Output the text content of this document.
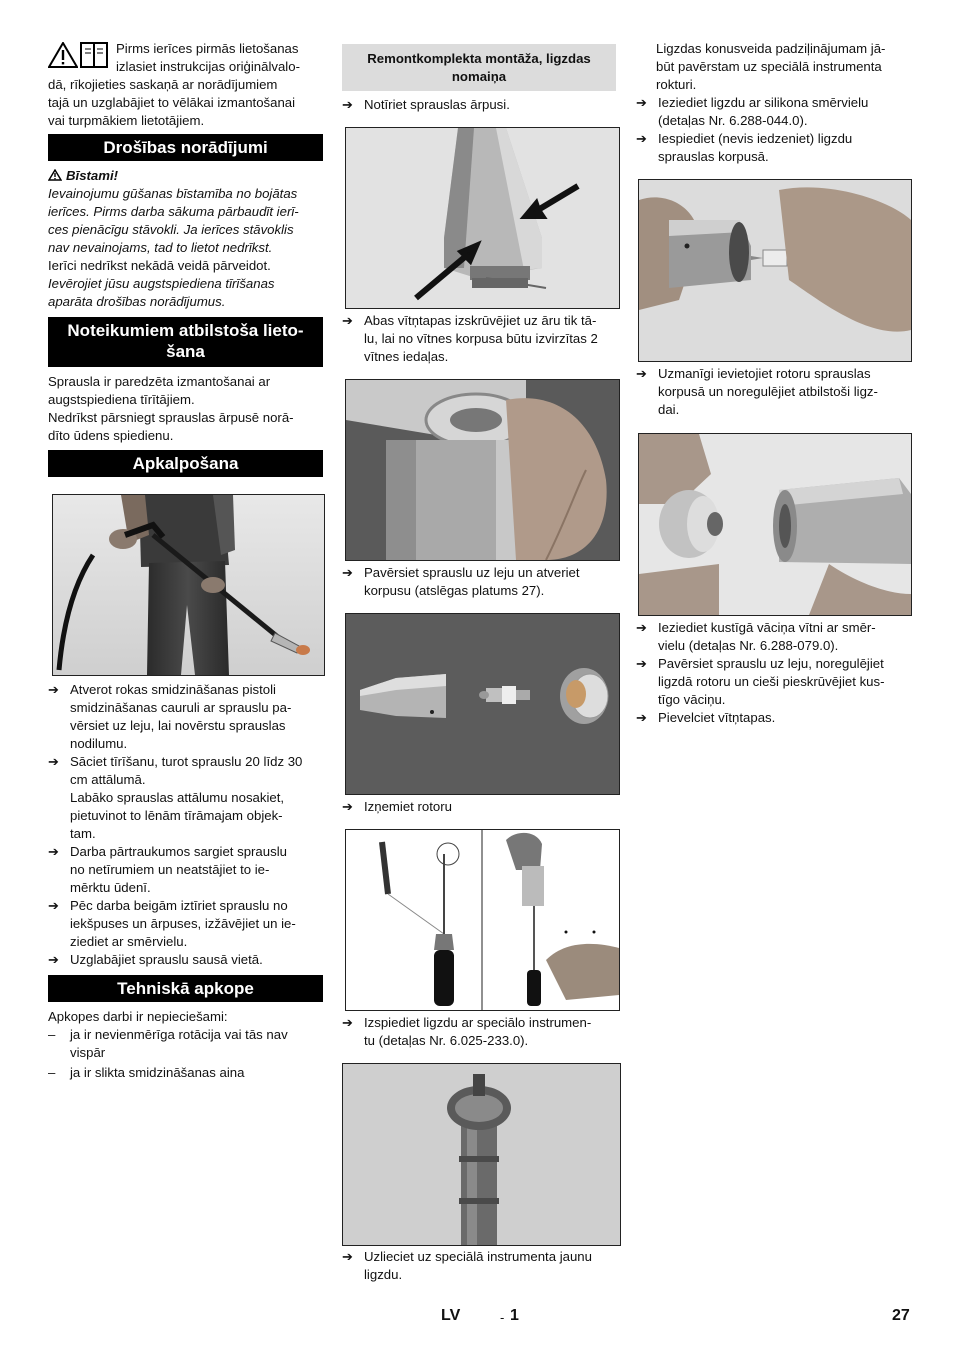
Pirms ierīces pirmās lietošanas

izlasiet instrukcijas oriģinālvalo-

dā, rīkojieties saskaņā ar norādījumiem

tajā un uzglabājiet to vēlākai izmantošanai

vai turpmākiem lietotājiem.

Drošības norādījumi

Bīstami!

Ievainojumu gūšanas bīstamība no bojātas

ierīces. Pirms darba sākuma pārbaudīt ierī-

ces pienācīgu stāvokli. Ja ierīces stāvoklis

nav nevainojams, tad to lietot nedrīkst.

Ierīci nedrīkst nekādā veidā pārveidot.

Ievērojiet jūsu augstspiediena tīrīšanas

aparāta drošības norādījumus.

Noteikumiem atbilstoša lieto-
šana

Sprausla ir paredzēta izmantošanai ar

augstspiediena tīrītājiem.

Nedrīkst pārsniegt sprauslas ārpusē norā-

dīto ūdens spiedienu.

Apkalpošana
➔ Atverot rokas smidzināšanas pistoli

smidzināšanas cauruli ar sprauslu pa-

vērsiet uz leju, lai novērstu sprauslas

nodilumu.

➔ Sāciet tīrīšanu, turot sprauslu 20 līdz 30

cm attālumā.

Labāko sprauslas attālumu nosakiet,

pietuvinot to lēnām tīrāmajam objek-

tam.

➔ Darba pārtraukumos sargiet sprauslu

no netīrumiem un neatstājiet to ie-

mērktu ūdenī.

➔ Pēc darba beigām iztīriet sprauslu no

iekšpuses un ārpuses, izžāvējiet un ie-

ziediet ar smērvielu.

➔ Uzglabājiet sprauslu sausā vietā.

Tehniskā apkope

Apkopes darbi ir nepieciešami:

– ja ir nevienmērīga rotācija vai tās nav

vispār

– ja ir slikta smidzināšanas aina

Remontkomplekta montāža, ligzdas
nomaiņa
➔ Notīriet sprauslas ārpusi.

➔ Abas vītņtapas izskrūvējiet uz āru tik tā-

lu, lai no vītnes korpusa būtu izvirzītas 2

vītnes iedaļas.

➔ Pavērsiet sprauslu uz leju un atveriet

korpusu (atslēgas platums 27).

➔ Izņemiet rotoru

➔ Izspiediet ligzdu ar speciālo instrumen-

tu (detaļas Nr. 6.025-233.0).

➔ Uzlieciet uz speciālā instrumenta jaunu

ligzdu.

Ligzdas konusveida padziļinājumam jā-

būt pavērstam uz speciālā instrumenta

rokturi.

➔ Ieziediet ligzdu ar silikona smērvielu

(detaļas Nr. 6.288-044.0).

➔ Iespiediet (nevis iedzeniet) ligzdu

sprauslas korpusā.

➔ Uzmanīgi ievietojiet rotoru sprauslas

korpusā un noregulējiet atbilstoši ligz-

dai.

➔ Ieziediet kustīgā vāciņa vītni ar smēr-

vielu (detaļas Nr. 6.288-079.0).

➔ Pavērsiet sprauslu uz leju, noregulējiet

ligzdā rotoru un cieši pieskrūvējiet kus-

tīgo vāciņu.

➔ Pievelciet vītņtapas.

LV	- 1	27
